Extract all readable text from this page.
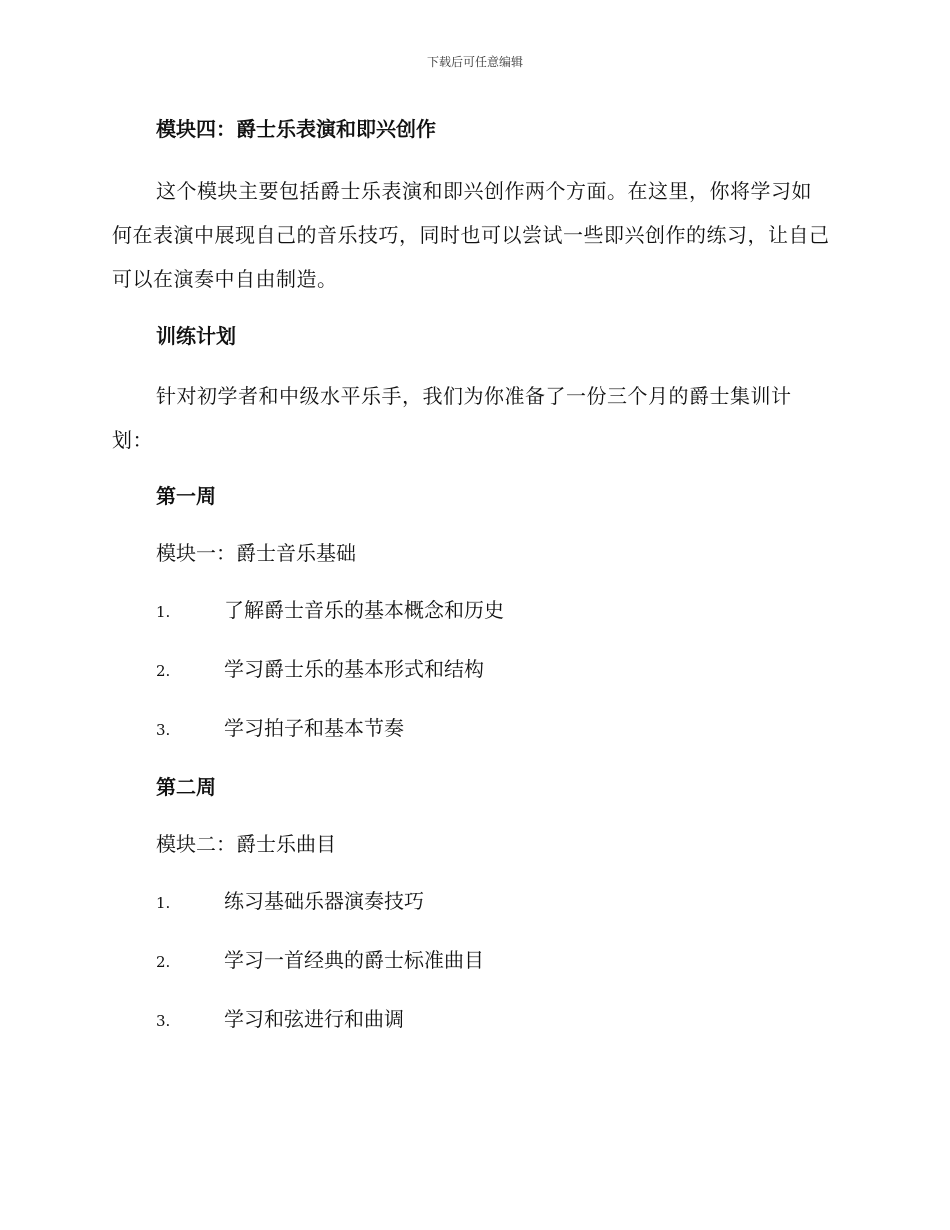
下载后可任意编辑
模块四：爵士乐表演和即兴创作

这个模块主要包括爵士乐表演和即兴创作两个方面。在这里，你将学习如何在表演中展现自己的音乐技巧，同时也可以尝试一些即兴创作的练习，让自己可以在演奏中自由制造。

训练计划

针对初学者和中级水平乐手，我们为你准备了一份三个月的爵士集训计划：

第一周

模块一：爵士音乐基础

1.	了解爵士音乐的基本概念和历史
2.	学习爵士乐的基本形式和结构
3.	学习拍子和基本节奏
第二周

模块二：爵士乐曲目

1.	练习基础乐器演奏技巧
2.	学习一首经典的爵士标准曲目
3.	学习和弦进行和曲调
